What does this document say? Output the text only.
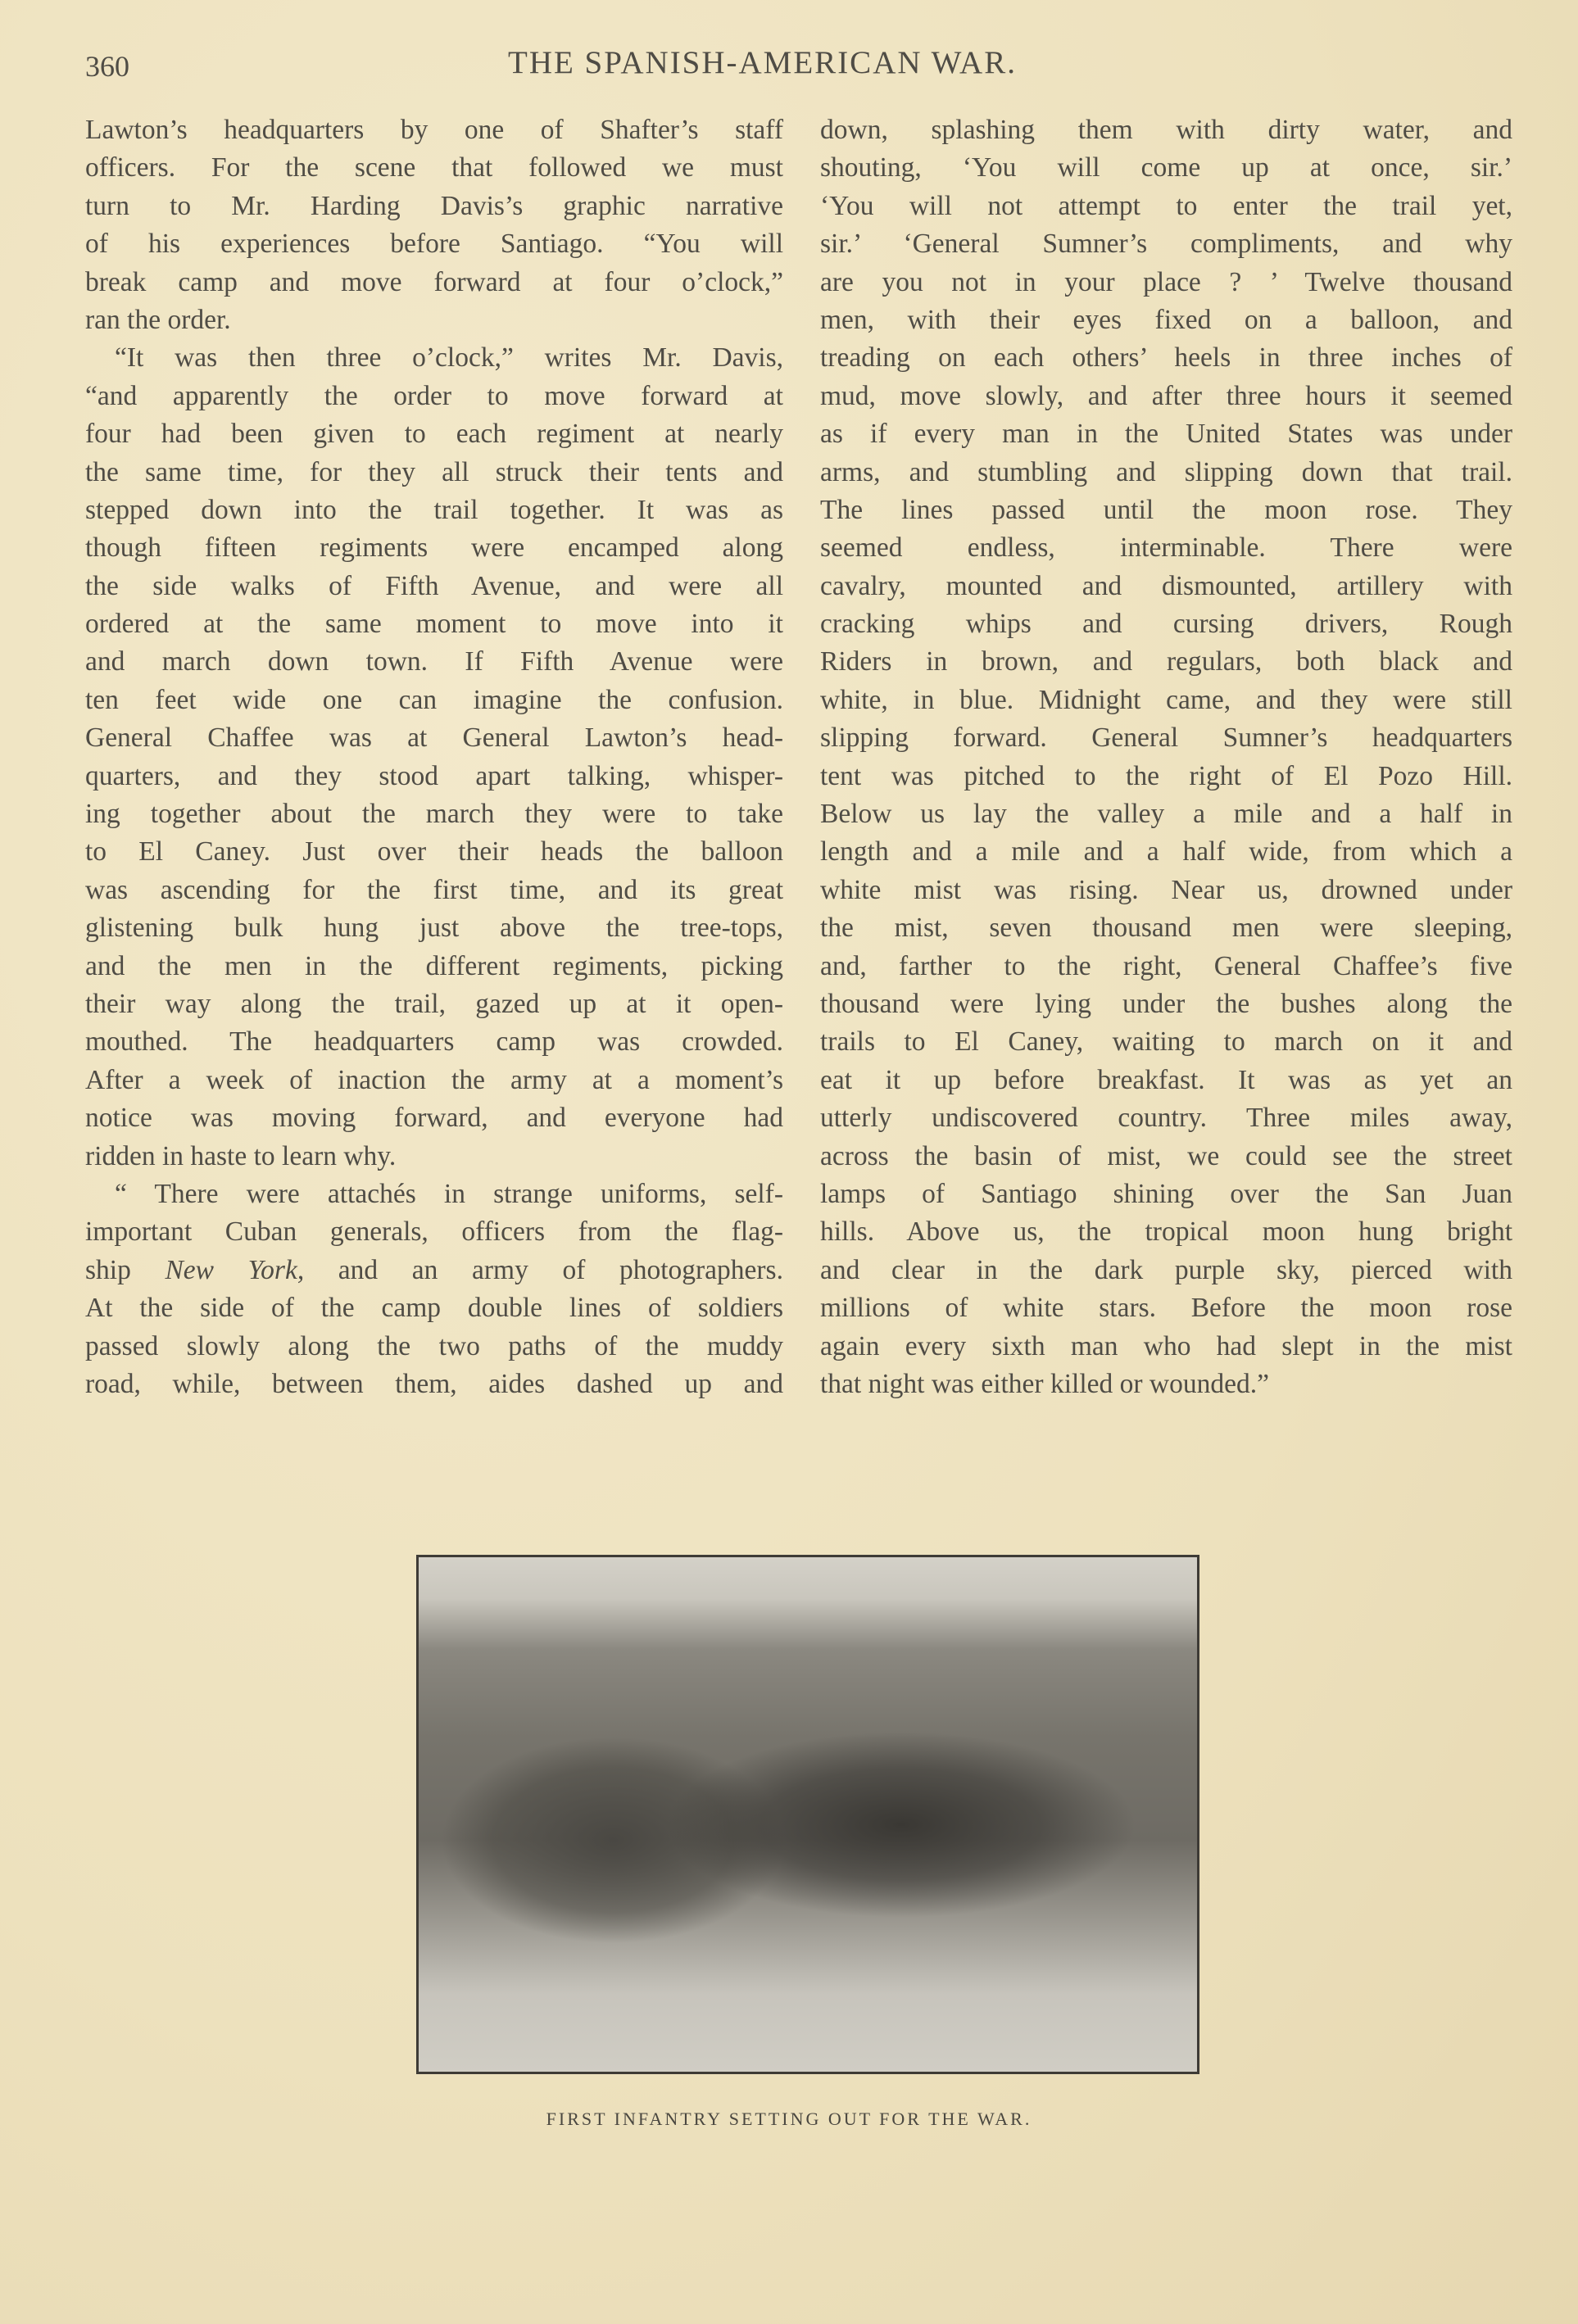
360	THE SPANISH-AMERICAN WAR.
Lawton’s headquarters by one of Shafter’s staff
officers. For the scene that followed we must
turn to Mr. Harding Davis’s graphic narrative
of his experiences before Santiago. “You will
break camp and move forward at four o’clock,”
ran the order.
“It was then three o’clock,” writes Mr. Davis,
“and apparently the order to move forward at
four had been given to each regiment at nearly
the same time, for they all struck their tents and
stepped down into the trail together. It was as
though fifteen regiments were encamped along
the side walks of Fifth Avenue, and were all
ordered at the same moment to move into it
and march down town. If Fifth Avenue were
ten feet wide one can imagine the confusion.
General Chaffee was at General Lawton’s head-
quarters, and they stood apart talking, whisper-
ing together about the march they were to take
to El Caney. Just over their heads the balloon
was ascending for the first time, and its great
glistening bulk hung just above the tree-tops,
and the men in the different regiments, picking
their way along the trail, gazed up at it open-
mouthed. The headquarters camp was crowded.
After a week of inaction the army at a moment’s
notice was moving forward, and everyone had
ridden in haste to learn why.
“ There were attachés in strange uniforms, self-
important Cuban generals, officers from the flag-
ship New York, and an army of photographers.
At the side of the camp double lines of soldiers
passed slowly along the two paths of the muddy
road, while, between them, aides dashed up and
down, splashing them with dirty water, and
shouting, ‘You will come up at once, sir.’
‘You will not attempt to enter the trail yet,
sir.’ ‘General Sumner’s compliments, and why
are you not in your place ? ’ Twelve thousand
men, with their eyes fixed on a balloon, and
treading on each others’ heels in three inches of
mud, move slowly, and after three hours it seemed
as if every man in the United States was under
arms, and stumbling and slipping down that trail.
The lines passed until the moon rose. They
seemed endless, interminable. There were
cavalry, mounted and dismounted, artillery with
cracking whips and cursing drivers, Rough
Riders in brown, and regulars, both black and
white, in blue. Midnight came, and they were still
slipping forward. General Sumner’s headquarters
tent was pitched to the right of El Pozo Hill.
Below us lay the valley a mile and a half in
length and a mile and a half wide, from which a
white mist was rising. Near us, drowned under
the mist, seven thousand men were sleeping,
and, farther to the right, General Chaffee’s five
thousand were lying under the bushes along the
trails to El Caney, waiting to march on it and
eat it up before breakfast. It was as yet an
utterly undiscovered country. Three miles away,
across the basin of mist, we could see the street
lamps of Santiago shining over the San Juan
hills. Above us, the tropical moon hung bright
and clear in the dark purple sky, pierced with
millions of white stars. Before the moon rose
again every sixth man who had slept in the mist
that night was either killed or wounded.”
FIRST INFANTRY SETTING OUT FOR THE WAR.
